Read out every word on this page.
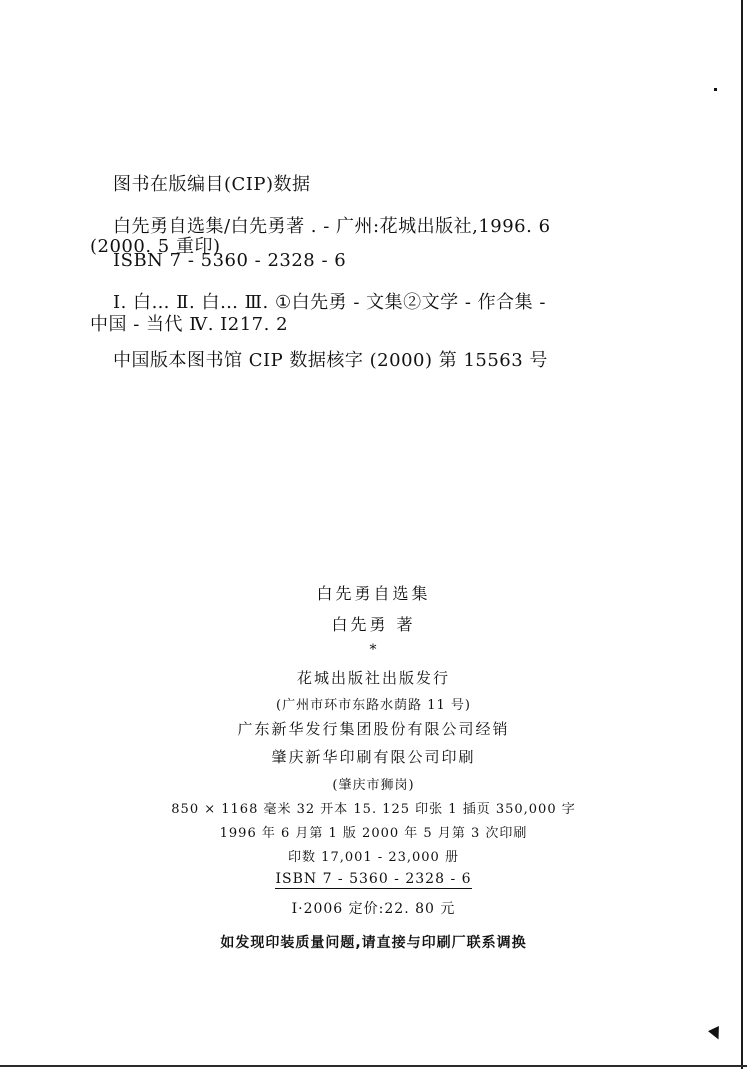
图书在版编目(CIP)数据
白先勇自选集/白先勇著 . - 广州:花城出版社,1996. 6
(2000. 5 重印)
ISBN 7 - 5360 - 2328 - 6
Ⅰ. 白… Ⅱ. 白… Ⅲ. ①白先勇 - 文集②文学 - 作合集 -
中国 - 当代 Ⅳ. I217. 2
中国版本图书馆 CIP 数据核字 (2000) 第 15563 号
白先勇自选集
白先勇 著
*
花城出版社出版发行
(广州市环市东路水荫路 11 号)
广东新华发行集团股份有限公司经销
肇庆新华印刷有限公司印刷
(肇庆市狮岗)
850 × 1168 毫米 32 开本 15. 125 印张 1 插页 350,000 字
1996 年 6 月第 1 版 2000 年 5 月第 3 次印刷
印数 17,001 - 23,000 册
ISBN 7 - 5360 - 2328 - 6
I·2006 定价:22. 80 元
如发现印装质量问题,请直接与印刷厂联系调换
